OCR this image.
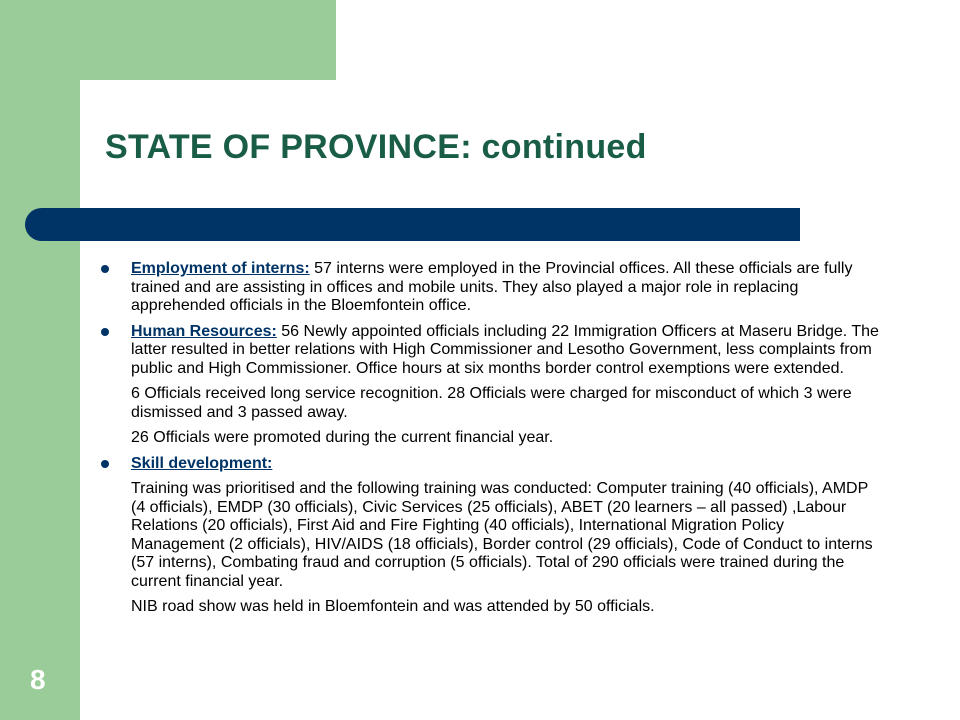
STATE OF PROVINCE: continued
Employment of interns: 57 interns were employed in the Provincial offices. All these officials are fully trained and are assisting in offices and mobile units. They also played a major role in replacing apprehended officials in the Bloemfontein office.
Human Resources: 56 Newly appointed officials including 22 Immigration Officers at Maseru Bridge. The latter resulted in better relations with High Commissioner and Lesotho Government, less complaints from public and High Commissioner. Office hours at six months border control exemptions were extended.
6 Officials received long service recognition. 28 Officials were charged for misconduct of which 3 were dismissed and 3 passed away.
26 Officials were promoted during the current financial year.
Skill development:
Training was prioritised and the following training was conducted: Computer training (40 officials), AMDP (4 officials), EMDP (30 officials), Civic Services (25 officials), ABET (20 learners – all passed) ,Labour Relations (20 officials), First Aid and Fire Fighting (40 officials), International Migration Policy Management (2 officials), HIV/AIDS (18 officials), Border control (29 officials), Code of Conduct to interns (57 interns), Combating fraud and corruption (5 officials). Total of 290 officials were trained during the current financial year.
NIB road show was held in Bloemfontein and was attended by 50 officials.
8
